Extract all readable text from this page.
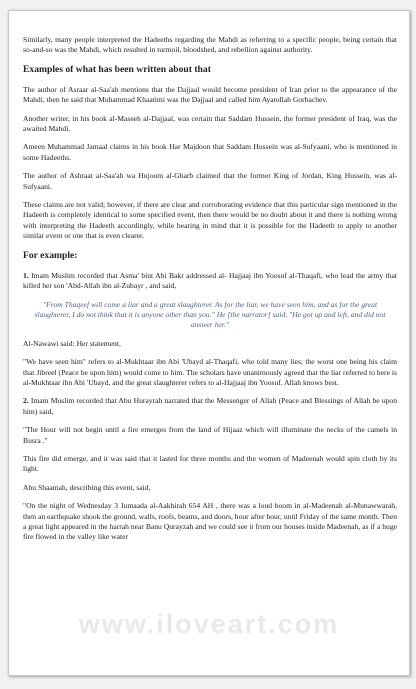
Similarly, many people interpreted the Hadeeths regarding the Mahdi as referring to a specific people, being certain that so-and-so was the Mahdi, which resulted in turmoil, bloodshed, and rebellion against authority.

Examples of what has been written about that

The author of Asraar al-Saa'ah mentions that the Dajjaal would become president of Iran prior to the appearance of the Mahdi, then he said that Muhammad Khaatimi was the Dajjaal and called him Ayatollah Gorbachev.

Another writer, in his book al-Maseeh al-Dajjaal, was certain that Saddam Hussein, the former president of Iraq, was the awaited Mahdi.

Ameen Muhammad Jamaal claims in his book Har Majdoon that Saddam Hussein was al-Sufyaani, who is mentioned in some Hadeeths.

The author of Ashraat al-Saa'ah wa Hujoom al-Gharb claimed that the former King of Jordan, King Hussein, was al-Sufyaani.

These claims are not valid; however, if there are clear and corroborating evidence that this particular sign mentioned in the Hadeeth is completely identical to some specified event, then there would be no doubt about it and there is nothing wrong with interpreting the Hadeeth accordingly, while bearing in mind that it is possible for the Hadeeth to apply to another similar event or one that is even clearer.

For example:

1. Imam Muslim recorded that Asma' bint Abi Bakr addressed al- Hajjaaj ibn Yoosuf al-Thaqafi, who lead the army that killed her son 'Abd-Allah ibn al-Zubayr , and said,

"From Thaqeef will come a liar and a great slaughterer. As for the liar, we have seen him, and as for the great slaughterer, I do not think that it is anyone other than you." He [the narrator] said, "He got up and left, and did not answer her."

Al-Nawawi said: Her statement,

"We have seen him" refers to al-Mukhtaar ibn Abi 'Ubayd al-Thaqafi, who told many lies; the worst one being his claim that Jibreel (Peace be upon him) would come to him. The scholars have unanimously agreed that the liar referred to here is al-Mukhtaar ibn Abi 'Ubayd, and the great slaughterer refers to al-Hajjaaj ibn Yoosuf. Allah knows best.

2. Imam Muslim recorded that Abu Hurayrah narrated that the Messenger of Allah (Peace and Blessings of Allah be upon him) said,

"The Hour will not begin until a fire emerges from the land of Hijaaz which will illuminate the necks of the camels in Busra ."

This fire did emerge, and it was said that it lasted for three months and the women of Madeenah would spin cloth by its light.

Abu Shaamah, describing this event, said,

"On the night of Wednesday 3 Jumaada al-Aakhirah 654 AH , there was a loud boom in al-Madeenah al-Munawwarah, then an earthquake shook the ground, walls, roofs, beams, and doors, hour after hour, until Friday of the same month. Then a great light appeared in the harrah near Banu Qurayzah and we could see it from our houses inside Madeenah, as if a huge fire flowed in the valley like water

www.iloveart.com
